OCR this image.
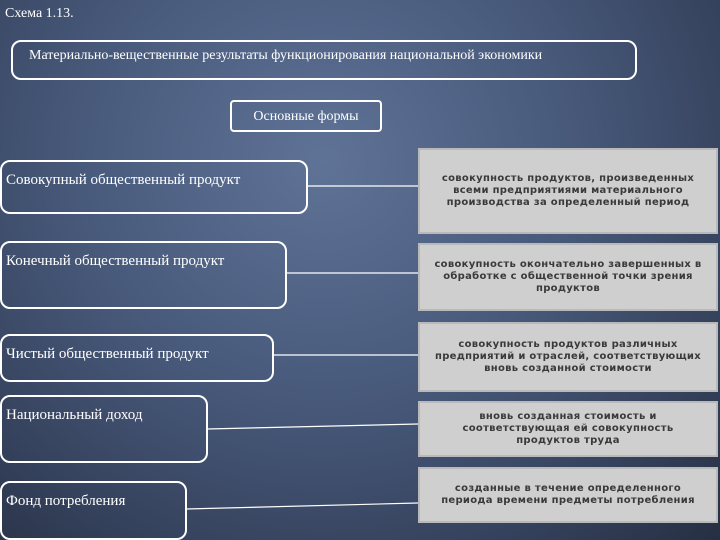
Схема 1.13.
Материально-вещественные результаты функционирования национальной экономики
Основные формы
Совокупный общественный продукт
Конечный общественный продукт
Чистый общественный продукт
Национальный доход
Фонд потребления
совокупность продуктов, произведенных всеми предприятиями материального производства за определенный период
совокупность окончательно завершенных в обработке с общественной точки зрения продуктов
совокупность продуктов различных предприятий и отраслей, соответствующих вновь созданной стоимости
вновь созданная стоимость и соответствующая ей совокупность продуктов труда
созданные в течение определенного периода времени предметы потребления
